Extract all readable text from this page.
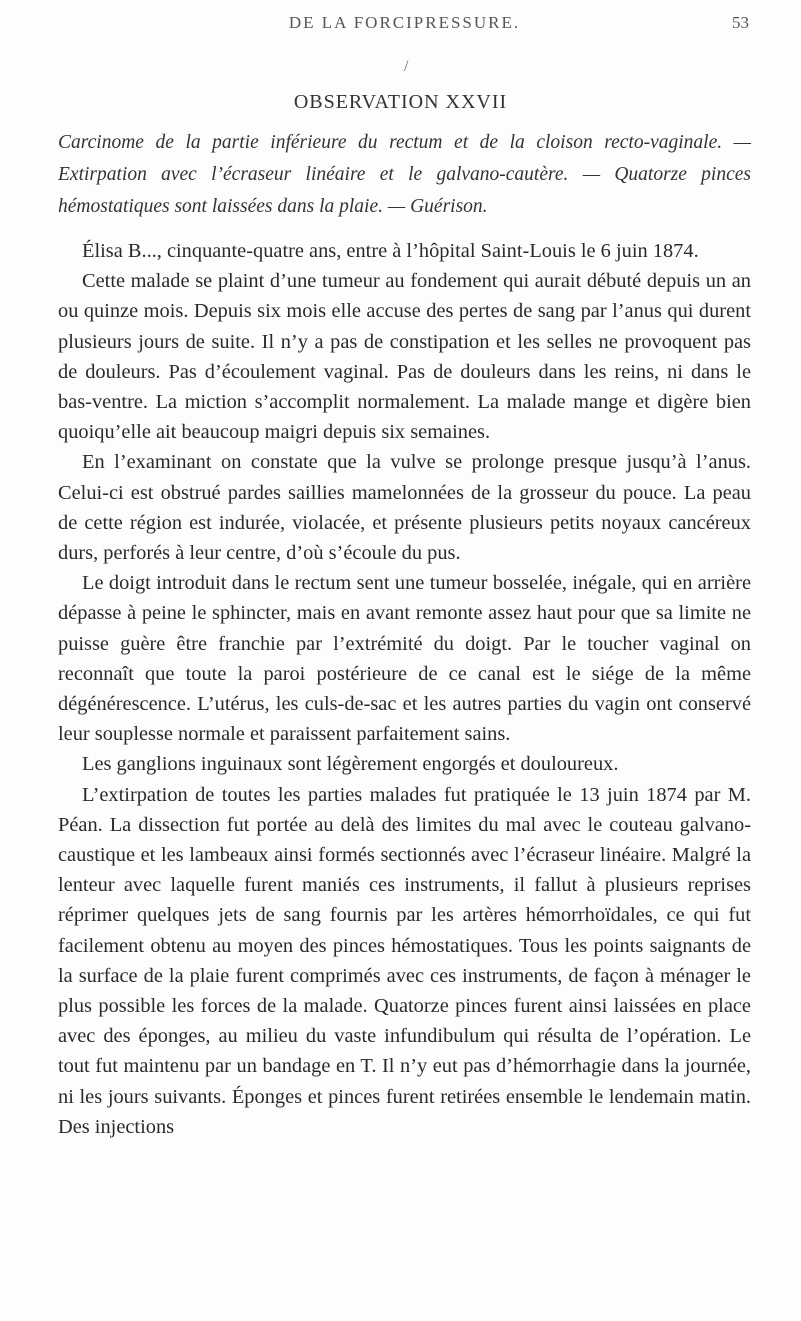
DE LA FORCIPRESSURE.	53
/
OBSERVATION XXVII
Carcinome de la partie inférieure du rectum et de la cloison recto-vaginale. — Extirpation avec l’écraseur linéaire et le galvano-cautère. — Quatorze pinces hémostatiques sont laissées dans la plaie. — Guérison.

Élisa B..., cinquante-quatre ans, entre à l’hôpital Saint-Louis le 6 juin 1874.

Cette malade se plaint d’une tumeur au fondement qui aurait débuté depuis un an ou quinze mois. Depuis six mois elle accuse des pertes de sang par l’anus qui durent plusieurs jours de suite. Il n’y a pas de constipation et les selles ne provoquent pas de douleurs. Pas d’écoulement vaginal. Pas de douleurs dans les reins, ni dans le bas-ventre. La miction s’accomplit normalement. La malade mange et digère bien quoiqu’elle ait beaucoup maigri depuis six semaines.

En l’examinant on constate que la vulve se prolonge presque jusqu’à l’anus. Celui-ci est obstrué pardes saillies mamelonnées de la grosseur du pouce. La peau de cette région est indurée, violacée, et présente plusieurs petits noyaux cancéreux durs, perforés à leur centre, d’où s’écoule du pus.

Le doigt introduit dans le rectum sent une tumeur bosselée, inégale, qui en arrière dépasse à peine le sphincter, mais en avant remonte assez haut pour que sa limite ne puisse guère être franchie par l’extrémité du doigt. Par le toucher vaginal on reconnaît que toute la paroi postérieure de ce canal est le siége de la même dégénérescence. L’utérus, les culs-de-sac et les autres parties du vagin ont conservé leur souplesse normale et paraissent parfaitement sains.

Les ganglions inguinaux sont légèrement engorgés et douloureux.

L’extirpation de toutes les parties malades fut pratiquée le 13 juin 1874 par M. Péan. La dissection fut portée au delà des limites du mal avec le couteau galvano-caustique et les lambeaux ainsi formés sectionnés avec l’écraseur linéaire. Malgré la lenteur avec laquelle furent maniés ces instruments, il fallut à plusieurs reprises réprimer quelques jets de sang fournis par les artères hémorrhoïdales, ce qui fut facilement obtenu au moyen des pinces hémostatiques. Tous les points saignants de la surface de la plaie furent comprimés avec ces instruments, de façon à ménager le plus possible les forces de la malade. Quatorze pinces furent ainsi laissées en place avec des éponges, au milieu du vaste infundibulum qui résulta de l’opération. Le tout fut maintenu par un bandage en T. Il n’y eut pas d’hémorrhagie dans la journée, ni les jours suivants. Éponges et pinces furent retirées ensemble le lendemain matin. Des injections
